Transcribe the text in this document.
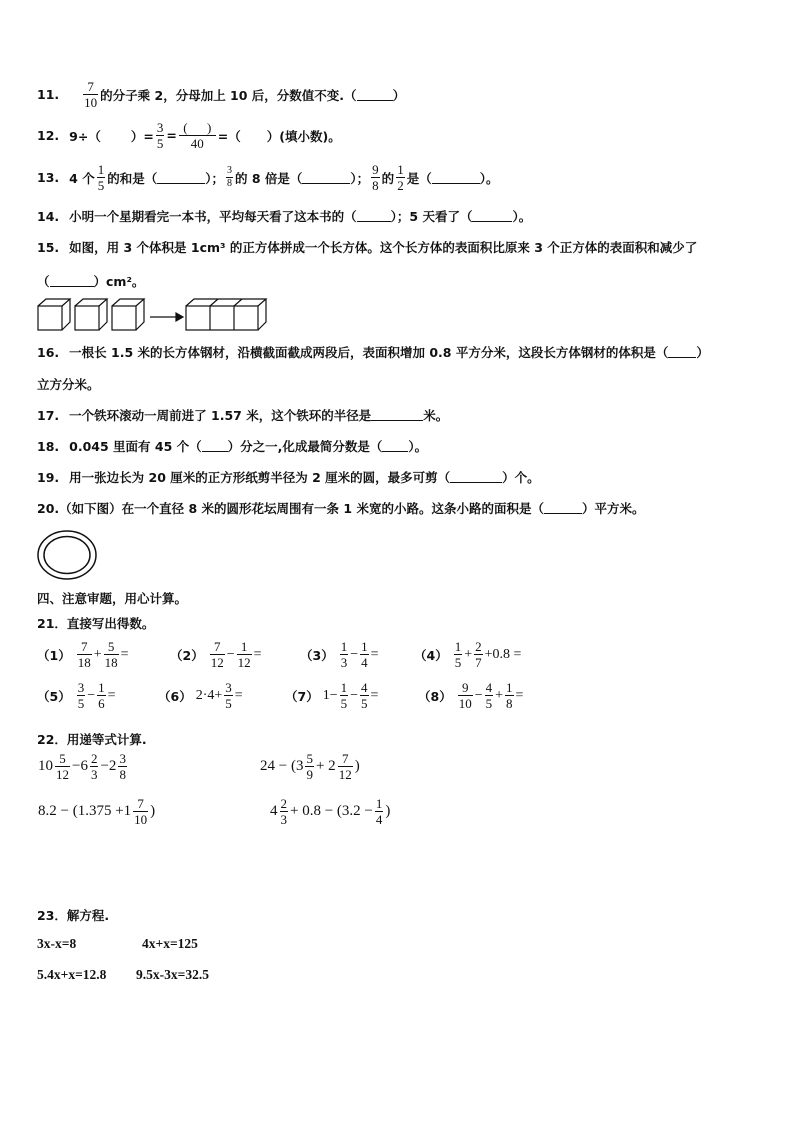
11. $\frac{7}{10}$ 的分子乘 2，分母加上 10 后，分数值不变.（	）
12. 9÷（ ）= $\frac{3}{5} = \frac{( )}{40}$ =（ ）(填小数)。
13. 4 个 $\frac{1}{5}$ 的和是（	）； $\frac{3}{8}$ 的 8 倍是（	）； $\frac{9}{8}$ 的 $\frac{1}{2}$ 是（	）。
14. 小明一个星期看完一本书，平均每天看了这本书的（	）；5 天看了（	）。
15. 如图，用 3 个体积是 1cm³ 的正方体拼成一个长方体。这个长方体的表面积比原来 3 个正方体的表面积和减少了
（	）cm²。
16. 一根长 1.5 米的长方体钢材，沿横截面截成两段后，表面积增加 0.8 平方分米，这段长方体钢材的体积是（ ）
立方分米。
17. 一个铁环滚动一周前进了 1.57 米，这个铁环的半径是	米。
18. 0.045 里面有 45 个（ ）分之一,化成最简分数是（ ）。
19. 用一张边长为 20 厘米的正方形纸剪半径为 2 厘米的圆，最多可剪（	）个。
20. （如下图）在一个直径 8 米的圆形花坛周围有一条 1 米宽的小路。这条小路的面积是（	）平方米。
四、注意审题，用心计算。
21．直接写出得数。
$(1) \frac{7}{18} + \frac{5}{18}$ =	$(2) \frac{7}{12} - \frac{1}{12}$ =	$(3) \frac{1}{3} - \frac{1}{4}$ =	$(4) \frac{1}{5} + \frac{2}{7} +0.8$ =
$(5) \frac{3}{5} - \frac{1}{6}$ =	（6） $2\cdot 4+ \frac{3}{5}$ =	（7） $1- \frac{1}{5} - \frac{4}{5}$ =	$(8) \frac{9}{10} - \frac{4}{5} + \frac{1}{8}$ =
22．用递等式计算.
$10 \frac{5}{12} -6 \frac{2}{3} -2 \frac{3}{8}$	$24 - (3 \frac{5}{9} + 2 \frac{7}{12}$ )
$8.2 - (1.375 +1 \frac{7}{10}$ )	$4 \frac{2}{3} + 0.8 - (3.2 - \frac{1}{4}$ )
23．解方程.
3x-x=8	4x+x=125
5.4x+x=12.8 9.5x-3x=32.5
